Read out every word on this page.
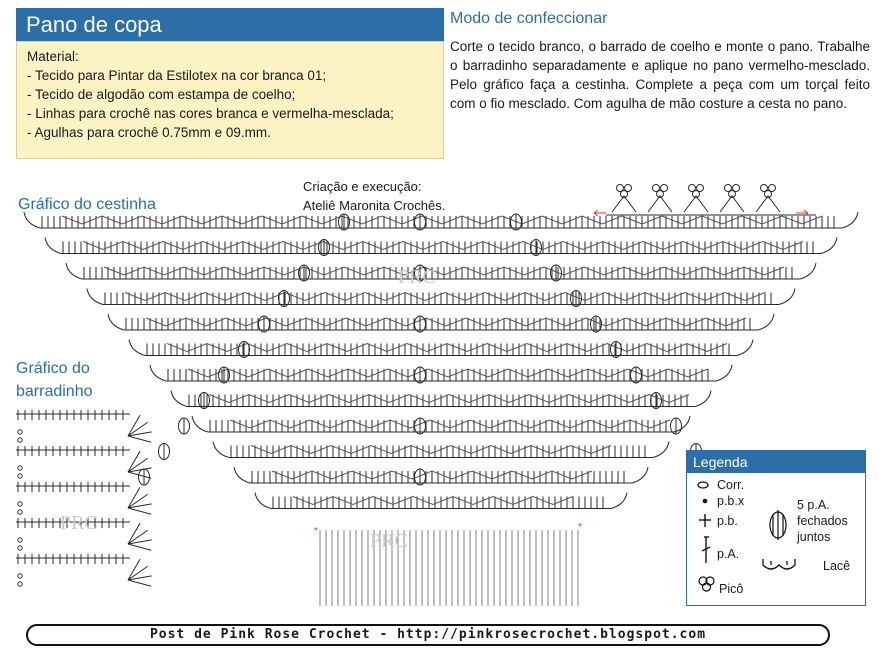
Pano de copa
Material:
- Tecido para Pintar da Estilotex na cor branca 01;
- Tecido de algodão com estampa de coelho;
- Linhas para crochê nas cores branca e vermelha-mesclada;
- Agulhas para crochê 0.75mm e 09.mm.
Modo de confeccionar
Corte o tecido branco, o barrado de coelho e monte o pano. Trabalhe o barradinho separadamente e aplique no pano vermelho-mesclado. Pelo gráfico faça a cestinha. Complete a peça com um torçal feito com o fio mesclado. Com agulha de mão costure a cesta no pano.
Gráfico do cestinha
Gráfico do
barradinho
Criação e execução:
Ateliê Maronita Crochês.
*	*
PRC
PRC
PRC
Legenda
Corr.
p.b.x
p.b.
p.A.
Picô
5 p.A.
fechados
juntos
Lacê
Post de Pink Rose Crochet - http://pinkrosecrochet.blogspot.com
